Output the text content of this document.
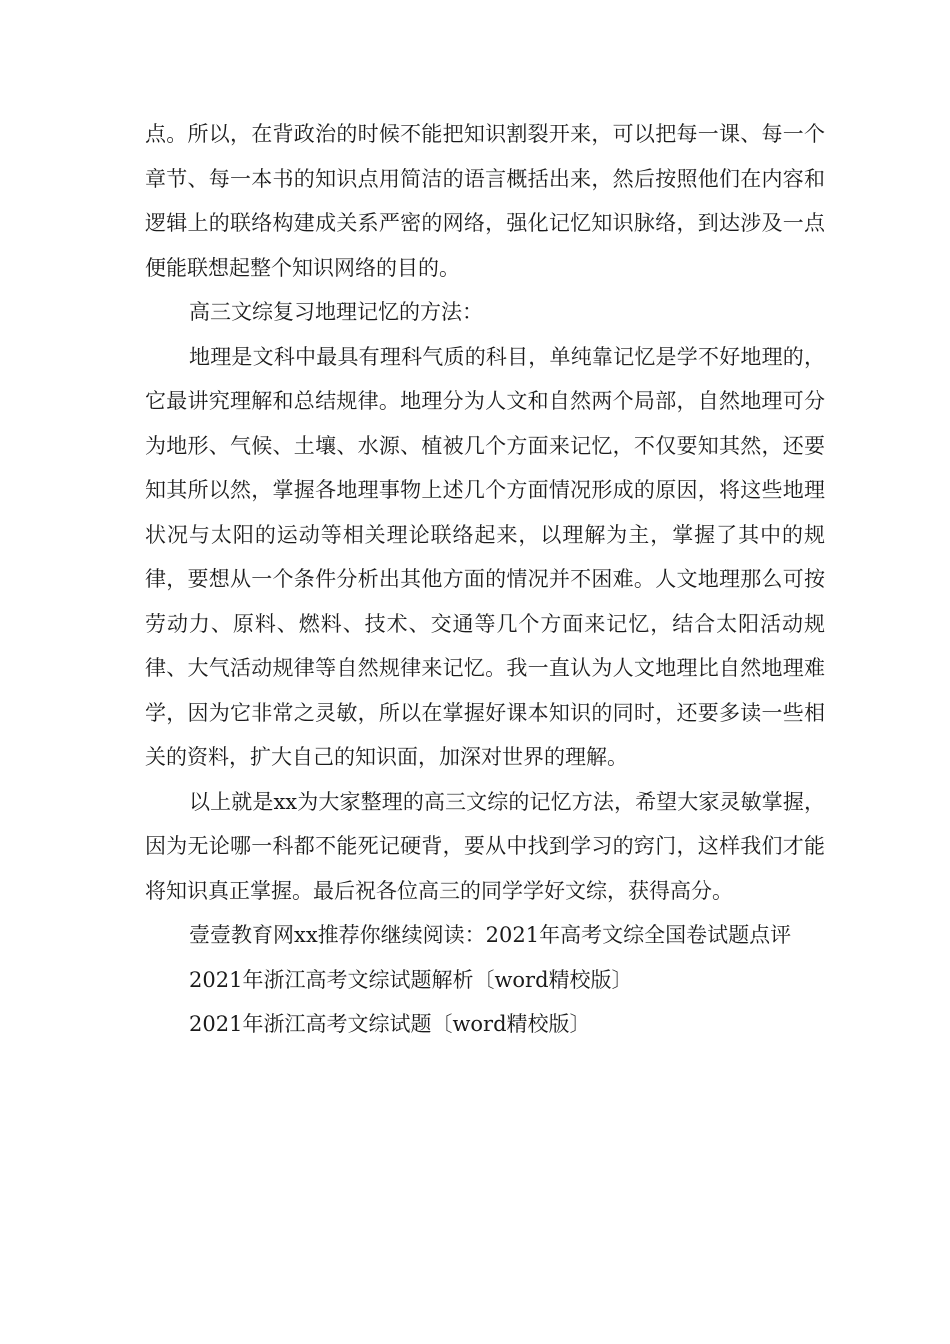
点。所以，在背政治的时候不能把知识割裂开来，可以把每一课、每一个章节、每一本书的知识点用简洁的语言概括出来，然后按照他们在内容和逻辑上的联络构建成关系严密的网络，强化记忆知识脉络，到达涉及一点便能联想起整个知识网络的目的。

高三文综复习地理记忆的方法：

地理是文科中最具有理科气质的科目，单纯靠记忆是学不好地理的，它最讲究理解和总结规律。地理分为人文和自然两个局部，自然地理可分为地形、气候、土壤、水源、植被几个方面来记忆，不仅要知其然，还要知其所以然，掌握各地理事物上述几个方面情况形成的原因，将这些地理状况与太阳的运动等相关理论联络起来，以理解为主，掌握了其中的规律，要想从一个条件分析出其他方面的情况并不困难。人文地理那么可按劳动力、原料、燃料、技术、交通等几个方面来记忆，结合太阳活动规律、大气活动规律等自然规律来记忆。我一直认为人文地理比自然地理难学，因为它非常之灵敏，所以在掌握好课本知识的同时，还要多读一些相关的资料，扩大自己的知识面，加深对世界的理解。

以上就是xx为大家整理的高三文综的记忆方法，希望大家灵敏掌握，因为无论哪一科都不能死记硬背，要从中找到学习的窍门，这样我们才能将知识真正掌握。最后祝各位高三的同学学好文综，获得高分。

壹壹教育网xx推荐你继续阅读：2021年高考文综全国卷试题点评

2021年浙江高考文综试题解析〔word精校版〕

2021年浙江高考文综试题〔word精校版〕
